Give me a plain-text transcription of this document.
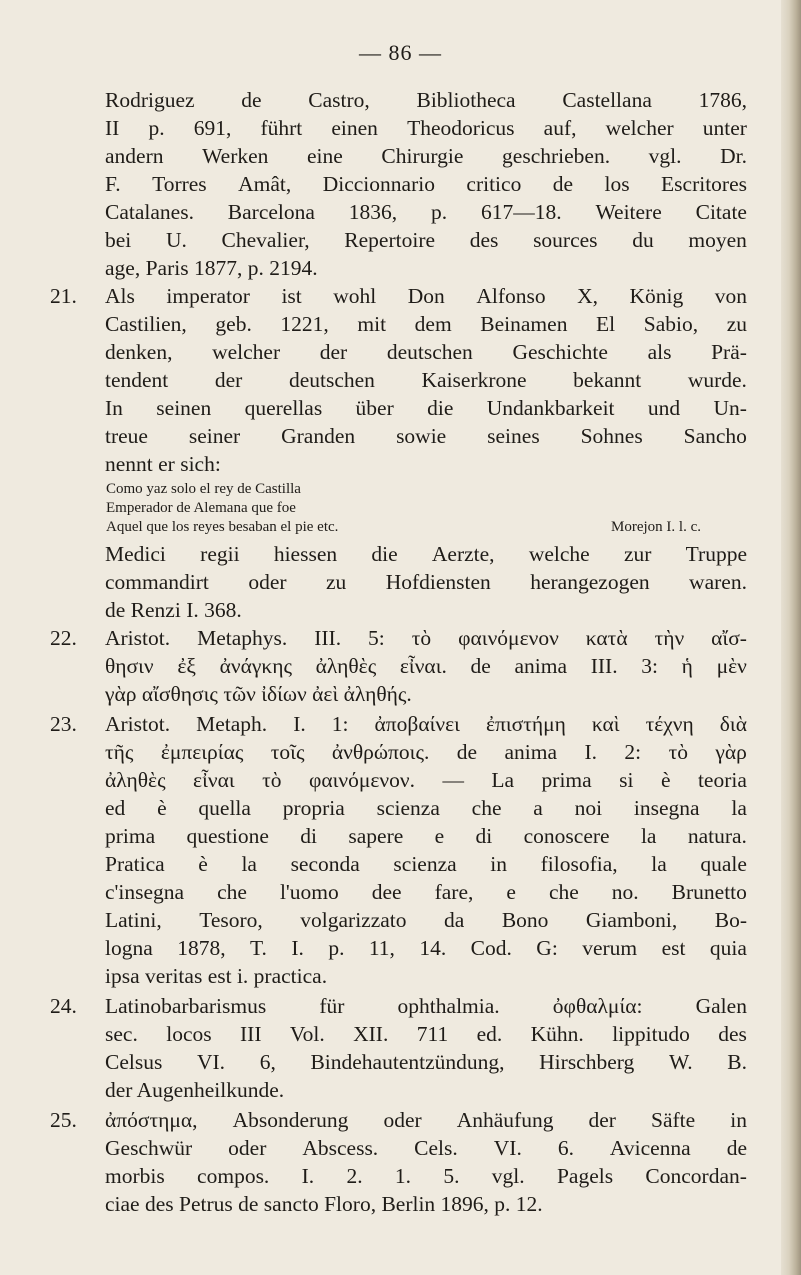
— 86 —
Rodriguez de Castro, Bibliotheca Castellana 1786,
II p. 691, führt einen Theodoricus auf, welcher unter
andern Werken eine Chirurgie geschrieben. vgl. Dr.
F. Torres Amât, Diccionnario critico de los Escritores
Catalanes. Barcelona 1836, p. 617—18. Weitere Citate
bei U. Chevalier, Repertoire des sources du moyen
age, Paris 1877, p. 2194.
21.	Als imperator ist wohl Don Alfonso X, König von
Castilien, geb. 1221, mit dem Beinamen El Sabio, zu
denken, welcher der deutschen Geschichte als Prä-
tendent der deutschen Kaiserkrone bekannt wurde.
In seinen querellas über die Undankbarkeit und Un-
treue seiner Granden sowie seines Sohnes Sancho
nennt er sich:
Como yaz solo el rey de Castilla
Emperador de Alemana que foe
Aquel que los reyes besaban el pie etc.	Morejon I. l. c.
Medici regii hiessen die Aerzte, welche zur Truppe
commandirt oder zu Hofdiensten herangezogen waren.
de Renzi I. 368.
22.	Aristot. Metaphys. III. 5: τὸ φαινόμενον κατὰ τὴν αἴσ-
θησιν ἐξ ἀνάγκης ἀληθὲς εἶναι. de anima III. 3: ἡ μὲν
γὰρ αἴσθησις τῶν ἰδίων ἀεὶ ἀληθής.
23.	Aristot. Metaph. I. 1: ἀποβαίνει ἐπιστήμη καὶ τέχνη διὰ
τῆς ἐμπειρίας τοῖς ἀνθρώποις. de anima I. 2: τὸ γὰρ
ἀληθὲς εἶναι τὸ φαινόμενον. — La prima si è teoria
ed è quella propria scienza che a noi insegna la
prima questione di sapere e di conoscere la natura.
Pratica è la seconda scienza in filosofia, la quale
c'insegna che l'uomo dee fare, e che no. Brunetto
Latini, Tesoro, volgarizzato da Bono Giamboni, Bo-
logna 1878, T. I. p. 11, 14. Cod. G: verum est quia
ipsa veritas est i. practica.
24.	Latinobarbarismus für ophthalmia. ὀφθαλμία: Galen
sec. locos III Vol. XII. 711 ed. Kühn. lippitudo des
Celsus VI. 6, Bindehautentzündung, Hirschberg W. B.
der Augenheilkunde.
25.	ἀπόστημα, Absonderung oder Anhäufung der Säfte in
Geschwür oder Abscess. Cels. VI. 6. Avicenna de
morbis compos. I. 2. 1. 5. vgl. Pagels Concordan-
ciae des Petrus de sancto Floro, Berlin 1896, p. 12.
